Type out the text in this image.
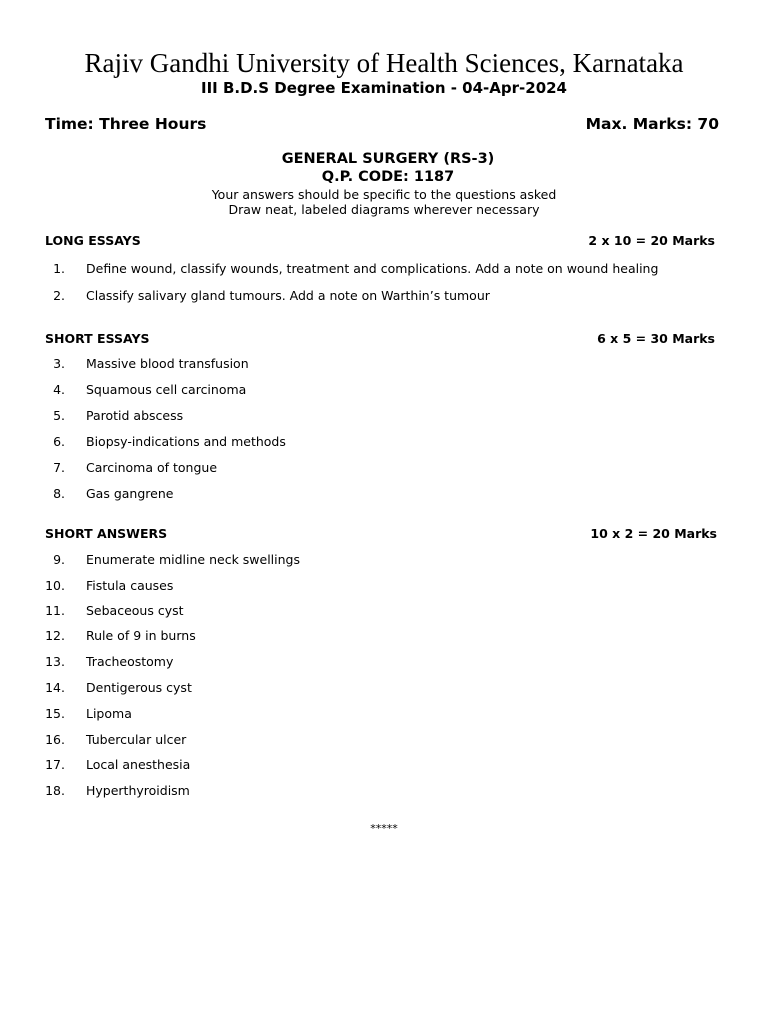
Rajiv Gandhi University of Health Sciences, Karnataka
III B.D.S Degree Examination - 04-Apr-2024
Time: Three Hours	Max. Marks: 70
GENERAL SURGERY (RS-3)
Q.P. CODE: 1187
Your answers should be specific to the questions asked
Draw neat, labeled diagrams wherever necessary
LONG ESSAYS	2 x 10 = 20 Marks
1. Define wound, classify wounds, treatment and complications. Add a note on wound healing
2. Classify salivary gland tumours. Add a note on Warthin’s tumour
SHORT ESSAYS	6 x 5 = 30 Marks
3. Massive blood transfusion
4. Squamous cell carcinoma
5. Parotid abscess
6. Biopsy-indications and methods
7. Carcinoma of tongue
8. Gas gangrene
SHORT ANSWERS	10 x 2 = 20 Marks
9. Enumerate midline neck swellings
10. Fistula causes
11. Sebaceous cyst
12. Rule of 9 in burns
13. Tracheostomy
14. Dentigerous cyst
15. Lipoma
16. Tubercular ulcer
17. Local anesthesia
18. Hyperthyroidism
*****
